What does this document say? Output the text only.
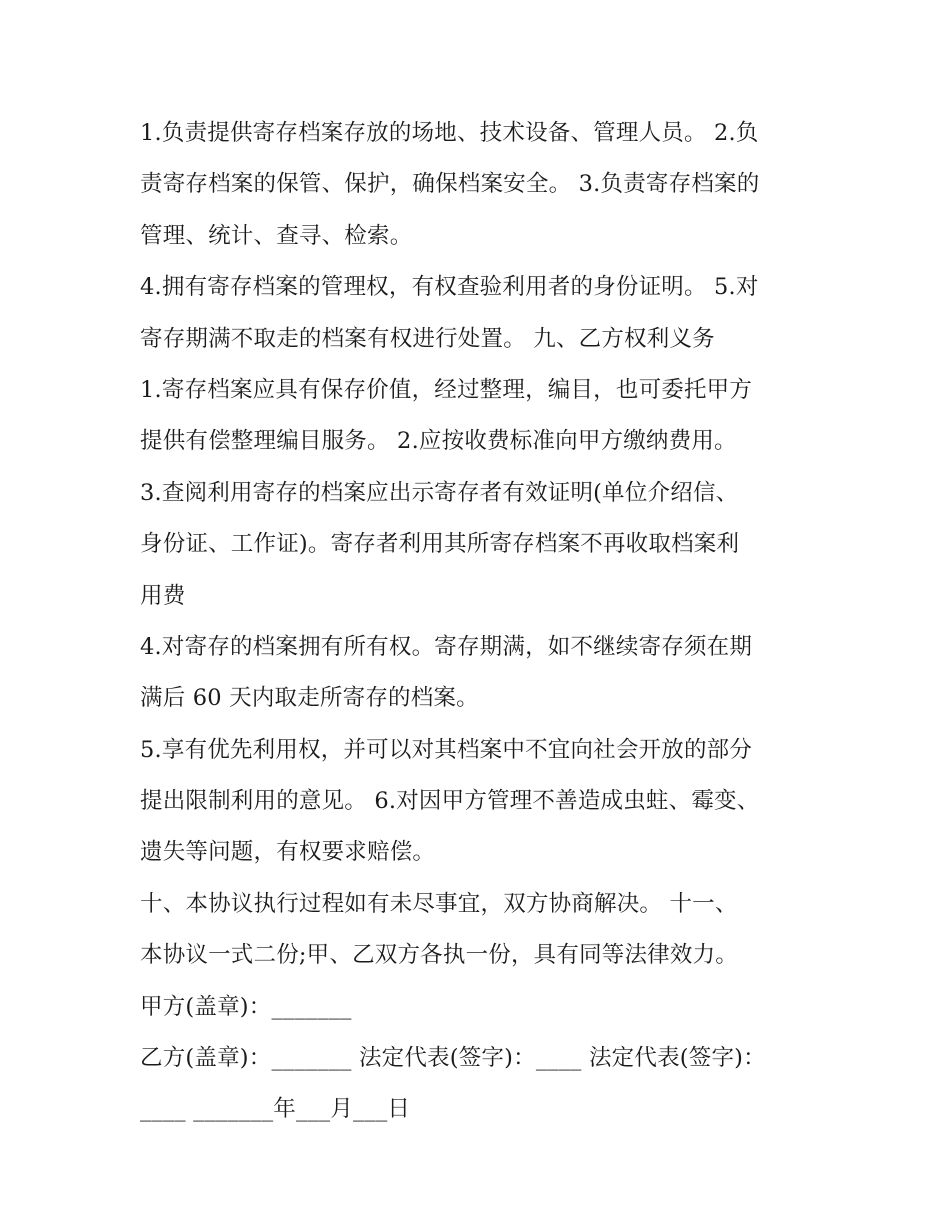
1.负责提供寄存档案存放的场地、技术设备、管理人员。 2.负
责寄存档案的保管、保护，确保档案安全。 3.负责寄存档案的
管理、统计、查寻、检索。
4.拥有寄存档案的管理权，有权查验利用者的身份证明。 5.对
寄存期满不取走的档案有权进行处置。 九、乙方权利义务
1.寄存档案应具有保存价值，经过整理，编目，也可委托甲方
提供有偿整理编目服务。 2.应按收费标准向甲方缴纳费用。
3.查阅利用寄存的档案应出示寄存者有效证明(单位介绍信、
身份证、工作证)。寄存者利用其所寄存档案不再收取档案利
用费
4.对寄存的档案拥有所有权。寄存期满，如不继续寄存须在期
满后 60 天内取走所寄存的档案。
5.享有优先利用权，并可以对其档案中不宜向社会开放的部分
提出限制利用的意见。 6.对因甲方管理不善造成虫蛀、霉变、
遗失等问题，有权要求赔偿。
十、本协议执行过程如有未尽事宜，双方协商解决。 十一、
本协议一式二份;甲、乙双方各执一份，具有同等法律效力。
甲方(盖章)：_______
乙方(盖章)：_______ 法定代表(签字)：____ 法定代表(签字)：
____ _______年___月___日
